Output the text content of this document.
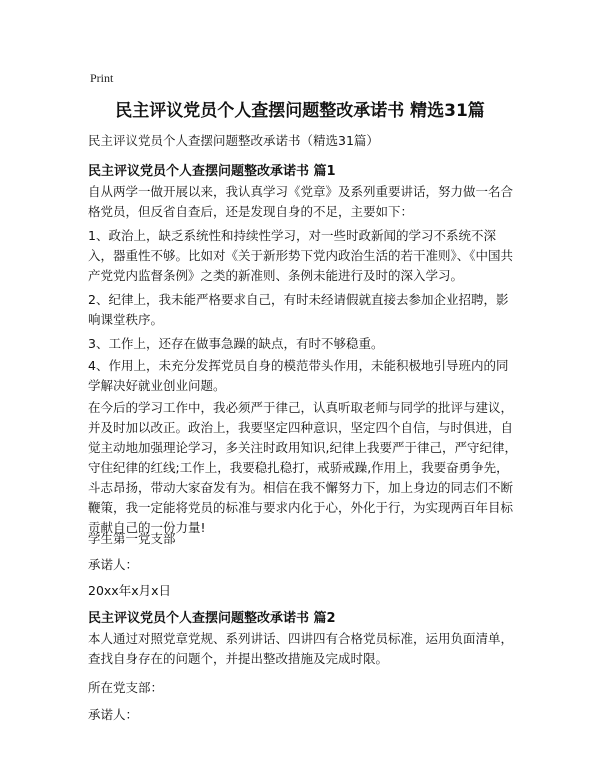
Print
民主评议党员个人查摆问题整改承诺书 精选31篇
民主评议党员个人查摆问题整改承诺书（精选31篇）
民主评议党员个人查摆问题整改承诺书 篇1

自从两学一做开展以来，我认真学习《党章》及系列重要讲话，努力做一名合格党员，但反省自查后，还是发现自身的不足，主要如下：

1、政治上，缺乏系统性和持续性学习，对一些时政新闻的学习不系统不深入，器重性不够。比如对《关于新形势下党内政治生活的若干准则》、《中国共产党党内监督条例》之类的新准则、条例未能进行及时的深入学习。

2、纪律上，我未能严格要求自己，有时未经请假就直接去参加企业招聘，影响课堂秩序。

3、工作上，还存在做事急躁的缺点，有时不够稳重。

4、作用上，未充分发挥党员自身的模范带头作用，未能积极地引导班内的同学解决好就业创业问题。

在今后的学习工作中，我必须严于律己，认真听取老师与同学的批评与建议，并及时加以改正。政治上，我要坚定四种意识，坚定四个自信，与时俱进，自觉主动地加强理论学习，多关注时政用知识,纪律上我要严于律己，严守纪律，守住纪律的红线;工作上，我要稳扎稳打，戒骄戒躁,作用上，我要奋勇争先，斗志昂扬，带动大家奋发有为。相信在我不懈努力下，加上身边的同志们不断鞭策，我一定能将党员的标准与要求内化于心，外化于行，为实现两百年目标贡献自己的一份力量!

学生第一党支部
承诺人：
20xx年x月x日
民主评议党员个人查摆问题整改承诺书 篇2

本人通过对照党章党规、系列讲话、四讲四有合格党员标准，运用负面清单，查找自身存在的问题个，并提出整改措施及完成时限。

所在党支部：
承诺人：
